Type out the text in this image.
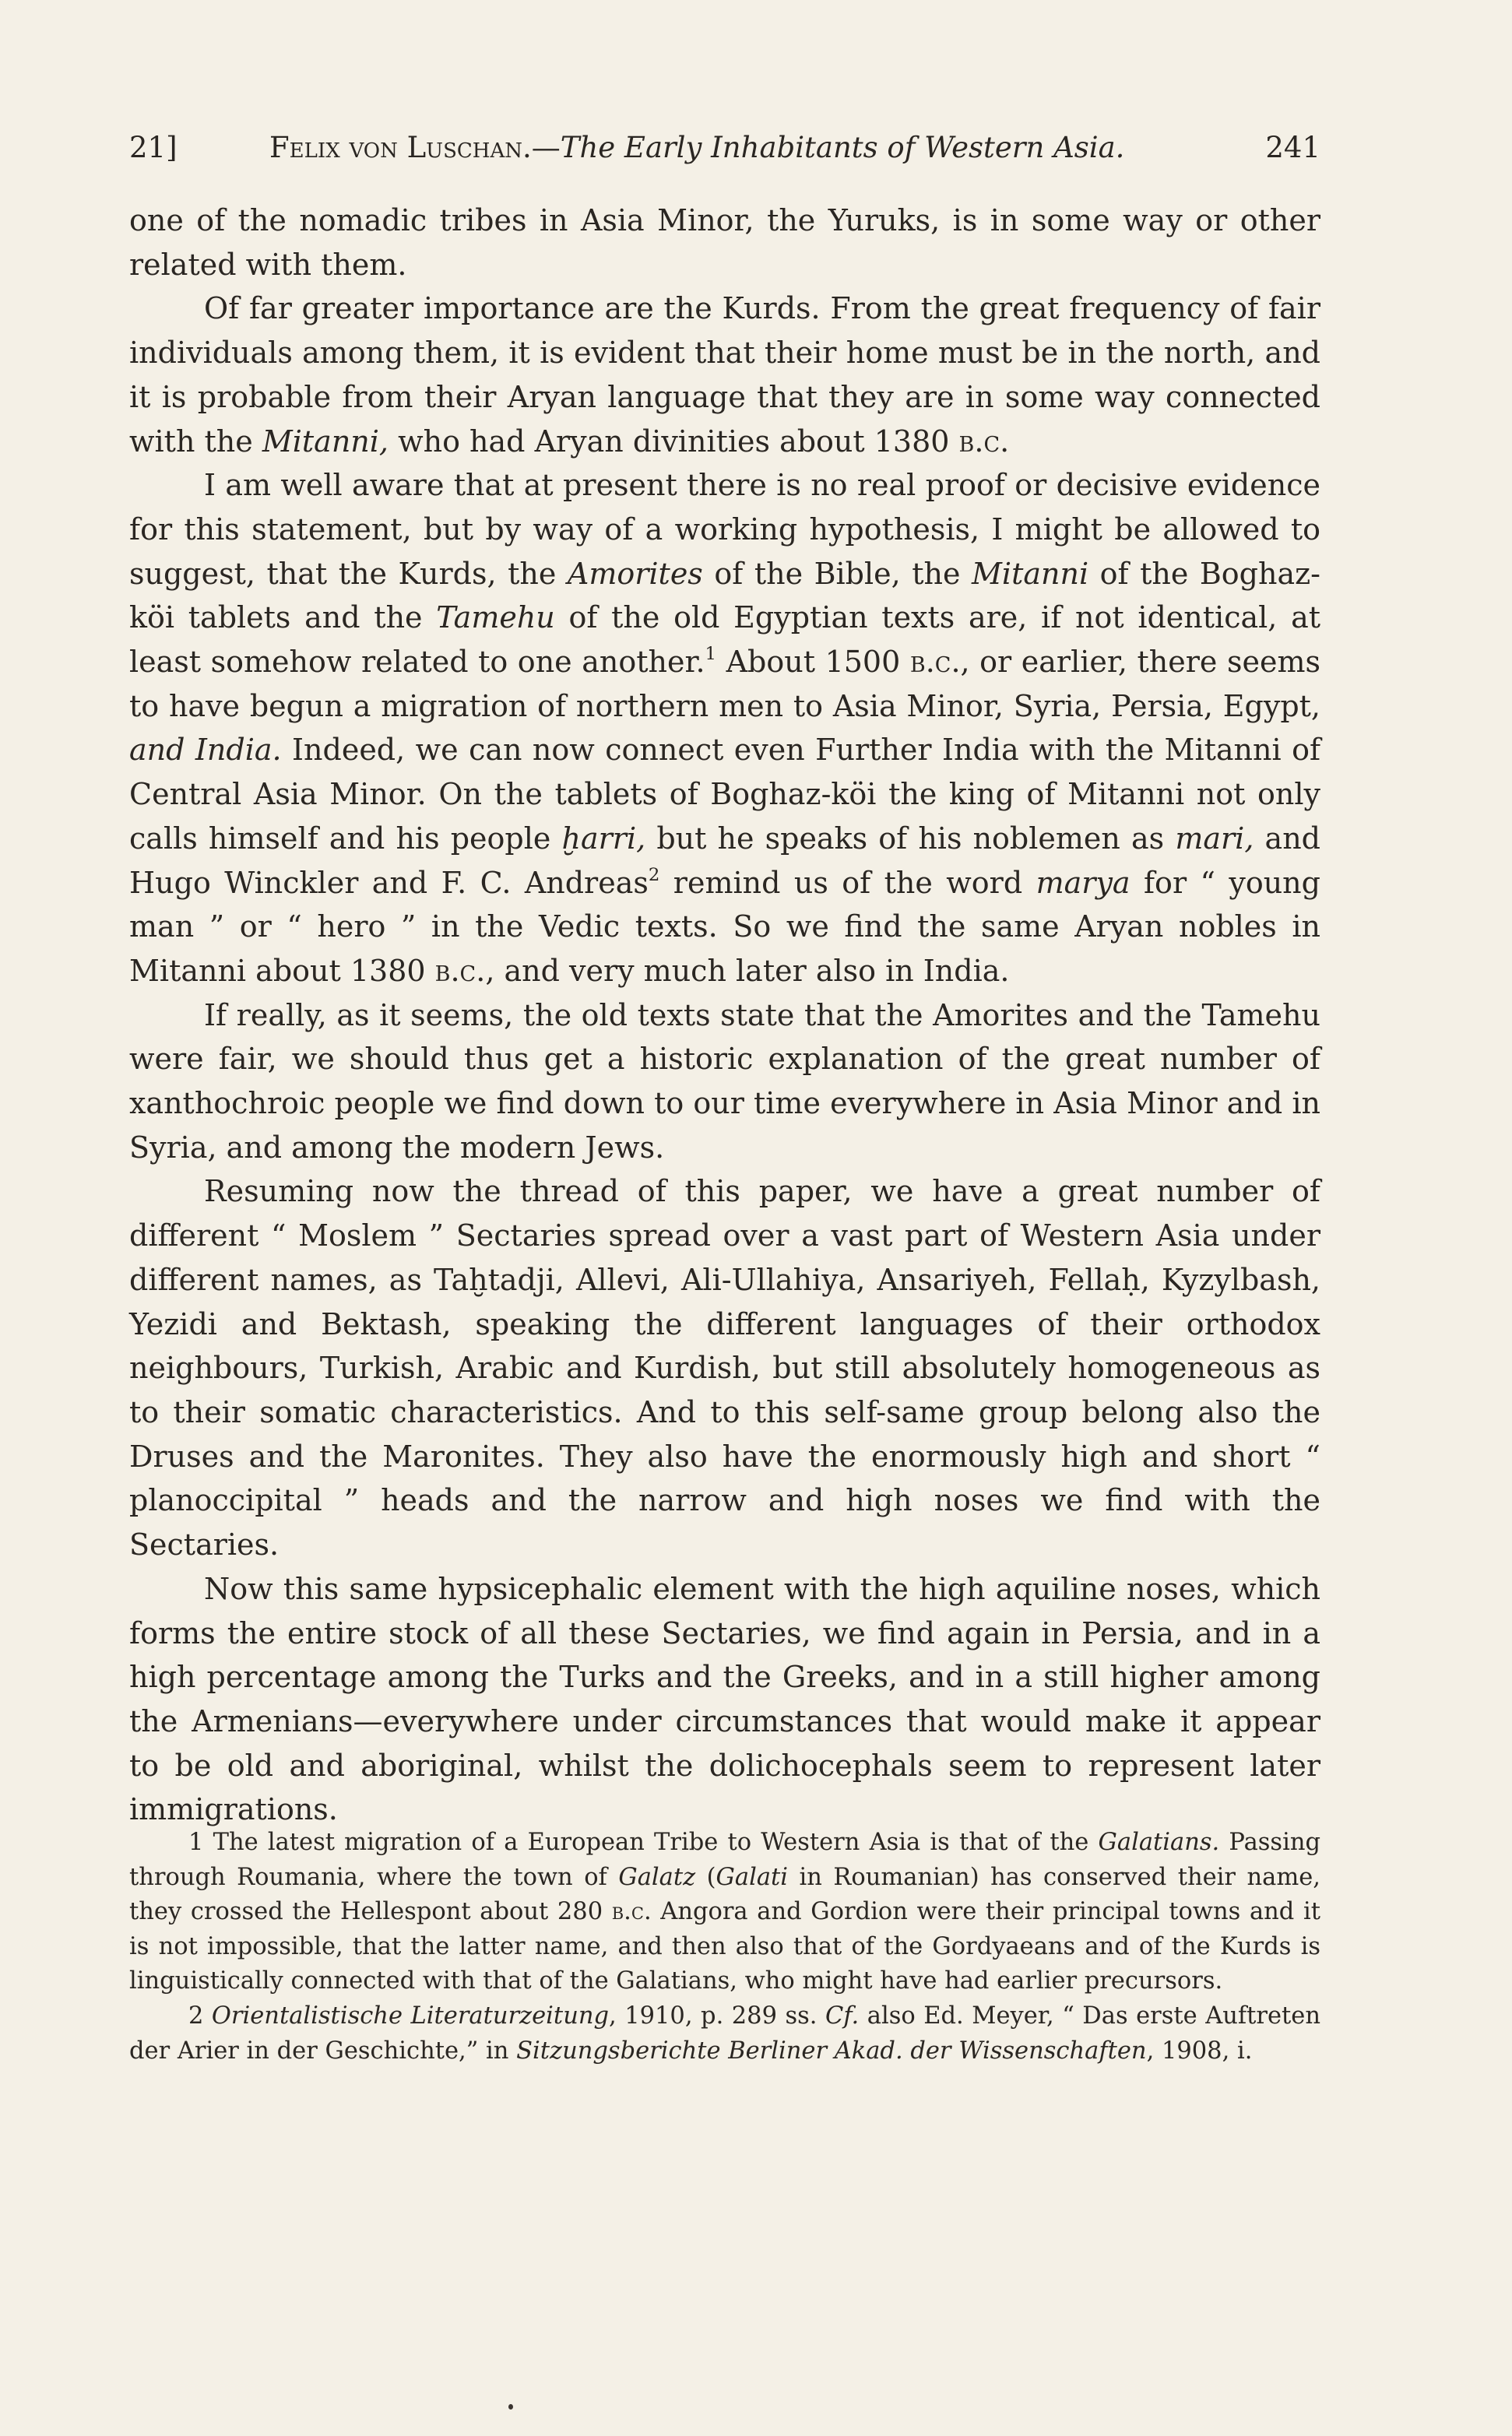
21]	Felix von Luschan.—The Early Inhabitants of Western Asia.	241

one of the nomadic tribes in Asia Minor, the Yuruks, is in some way or other related with them.

Of far greater importance are the Kurds. From the great frequency of fair individuals among them, it is evident that their home must be in the north, and it is probable from their Aryan language that they are in some way connected with the Mitanni, who had Aryan divinities about 1380 b.c.

I am well aware that at present there is no real proof or decisive evidence for this statement, but by way of a working hypothesis, I might be allowed to suggest, that the Kurds, the Amorites of the Bible, the Mitanni of the Boghaz-köi tablets and the Tamehu of the old Egyptian texts are, if not identical, at least somehow related to one another.$^1$ About 1500 b.c., or earlier, there seems to have begun a migration of northern men to Asia Minor, Syria, Persia, Egypt, and India. Indeed, we can now connect even Further India with the Mitanni of Central Asia Minor. On the tablets of Boghaz-köi the king of Mitanni not only calls himself and his people ḫarri, but he speaks of his noblemen as mari, and Hugo Winckler and F. C. Andreas$^2$ remind us of the word marya for “ young man ” or “ hero ” in the Vedic texts. So we find the same Aryan nobles in Mitanni about 1380 b.c., and very much later also in India.

If really, as it seems, the old texts state that the Amorites and the Tamehu were fair, we should thus get a historic explanation of the great number of xanthochroic people we find down to our time everywhere in Asia Minor and in Syria, and among the modern Jews.

Resuming now the thread of this paper, we have a great number of different “ Moslem ” Sectaries spread over a vast part of Western Asia under different names, as Taḫtadji, Allevi, Ali-Ullahiya, Ansariyeh, Fellaḥ, Kyzylbash, Yezidi and Bektash, speaking the different languages of their orthodox neighbours, Turkish, Arabic and Kurdish, but still absolutely homogeneous as to their somatic characteristics. And to this self-same group belong also the Druses and the Maronites. They also have the enormously high and short “ planoccipital ” heads and the narrow and high noses we find with the Sectaries.

Now this same hypsicephalic element with the high aquiline noses, which forms the entire stock of all these Sectaries, we find again in Persia, and in a high percentage among the Turks and the Greeks, and in a still higher among the Armenians—everywhere under circumstances that would make it appear to be old and aboriginal, whilst the dolichocephals seem to represent later immigrations.

1 The latest migration of a European Tribe to Western Asia is that of the Galatians. Passing through Roumania, where the town of Galatz (Galati in Roumanian) has conserved their name, they crossed the Hellespont about 280 b.c. Angora and Gordion were their principal towns and it is not impossible, that the latter name, and then also that of the Gordyaeans and of the Kurds is linguistically connected with that of the Galatians, who might have had earlier precursors.

2 Orientalistische Literaturzeitung, 1910, p. 289 ss. Cf. also Ed. Meyer, “ Das erste Auftreten der Arier in der Geschichte,” in Sitzungsberichte Berliner Akad. der Wissenschaften, 1908, i.
